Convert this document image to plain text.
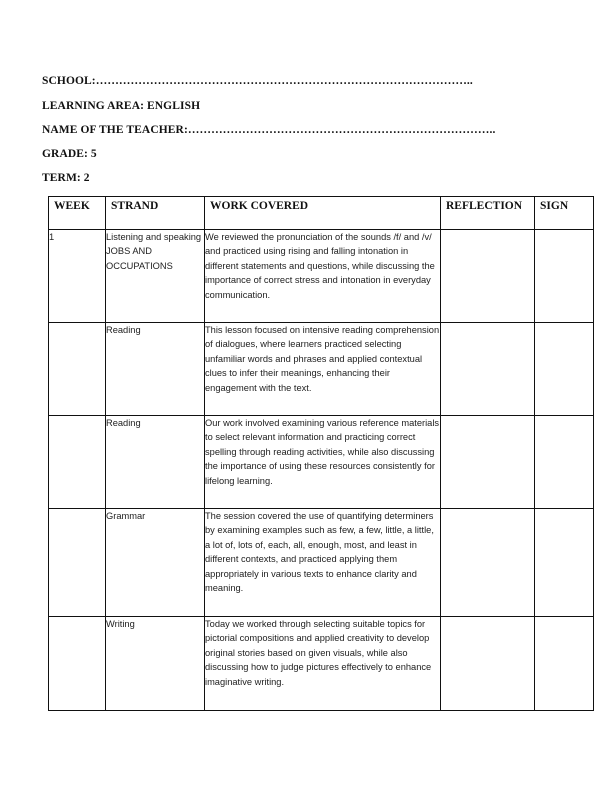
SCHOOL:……………………………………………………………………………………..
LEARNING AREA: ENGLISH
NAME OF THE TEACHER:……………………………………………………………………..
GRADE: 5
TERM: 2
WEEK	STRAND	WORK COVERED	REFLECTION	SIGN
1	Listening and speaking JOBS AND OCCUPATIONS	We reviewed the pronunciation of the sounds /f/ and /v/ and practiced using rising and falling intonation in different statements and questions, while discussing the importance of correct stress and intonation in everyday communication.		
	Reading	This lesson focused on intensive reading comprehension of dialogues, where learners practiced selecting unfamiliar words and phrases and applied contextual clues to infer their meanings, enhancing their engagement with the text.		
	Reading	Our work involved examining various reference materials to select relevant information and practicing correct spelling through reading activities, while also discussing the importance of using these resources consistently for lifelong learning.		
	Grammar	The session covered the use of quantifying determiners by examining examples such as few, a few, little, a little, a lot of, lots of, each, all, enough, most, and least in different contexts, and practiced applying them appropriately in various texts to enhance clarity and meaning.		
	Writing	Today we worked through selecting suitable topics for pictorial compositions and applied creativity to develop original stories based on given visuals, while also discussing how to judge pictures effectively to enhance imaginative writing.		
